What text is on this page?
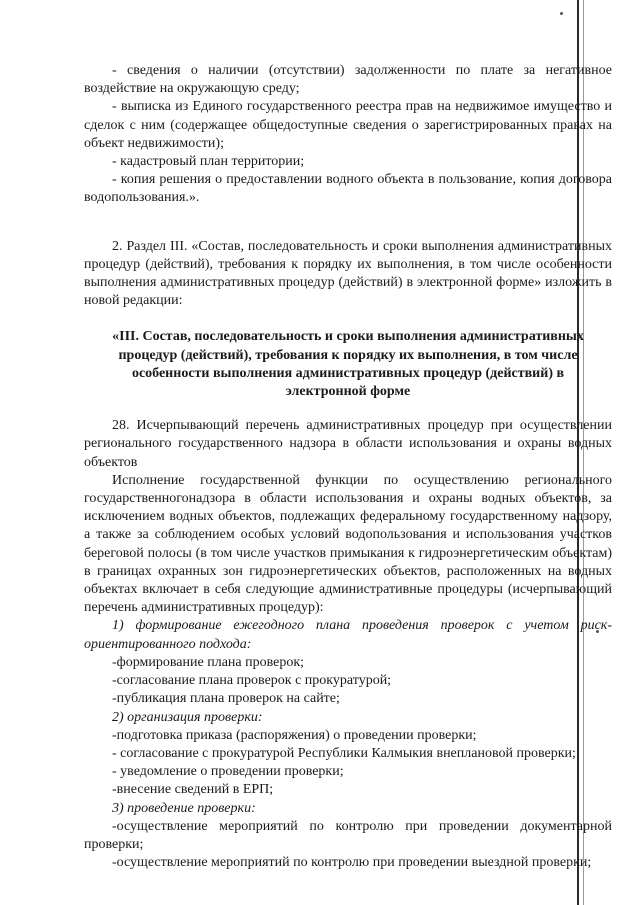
- сведения о наличии (отсутствии) задолженности по плате за негативное воздействие на окружающую среду;

- выписка из Единого государственного реестра прав на недвижимое имущество и сделок с ним (содержащее общедоступные сведения о зарегистрированных правах на объект недвижимости);

- кадастровый план территории;

- копия решения о предоставлении водного объекта в пользование, копия договора водопользования.».

2. Раздел III. «Состав, последовательность и сроки выполнения административных процедур (действий), требования к порядку их выполнения, в том числе особенности выполнения административных процедур (действий) в электронной форме» изложить в новой редакции:

«III. Состав, последовательность и сроки выполнения административных процедур (действий), требования к порядку их выполнения, в том числе особенности выполнения административных процедур (действий) в электронной форме

28. Исчерпывающий перечень административных процедур при осуществлении регионального государственного надзора в области использования и охраны водных объектов

Исполнение государственной функции по осуществлению регионального государственногонадзора в области использования и охраны водных объектов, за исключением водных объектов, подлежащих федеральному государственному надзору, а также за соблюдением особых условий водопользования и использования участков береговой полосы (в том числе участков примыкания к гидроэнергетическим объектам) в границах охранных зон гидроэнергетических объектов, расположенных на водных объектах включает в себя следующие административные процедуры (исчерпывающий перечень административных процедур):

1) формирование ежегодного плана проведения проверок с учетом риск-ориентированного подхода:

-формирование плана проверок;

-согласование плана проверок с прокуратурой;

-публикация плана проверок на сайте;

2) организация проверки:

-подготовка приказа (распоряжения) о проведении проверки;

- согласование с прокуратурой Республики Калмыкия внеплановой проверки;

- уведомление о проведении проверки;

-внесение сведений в ЕРП;

3) проведение проверки:

-осуществление мероприятий по контролю при проведении документарной проверки;

-осуществление мероприятий по контролю при проведении выездной проверки;
